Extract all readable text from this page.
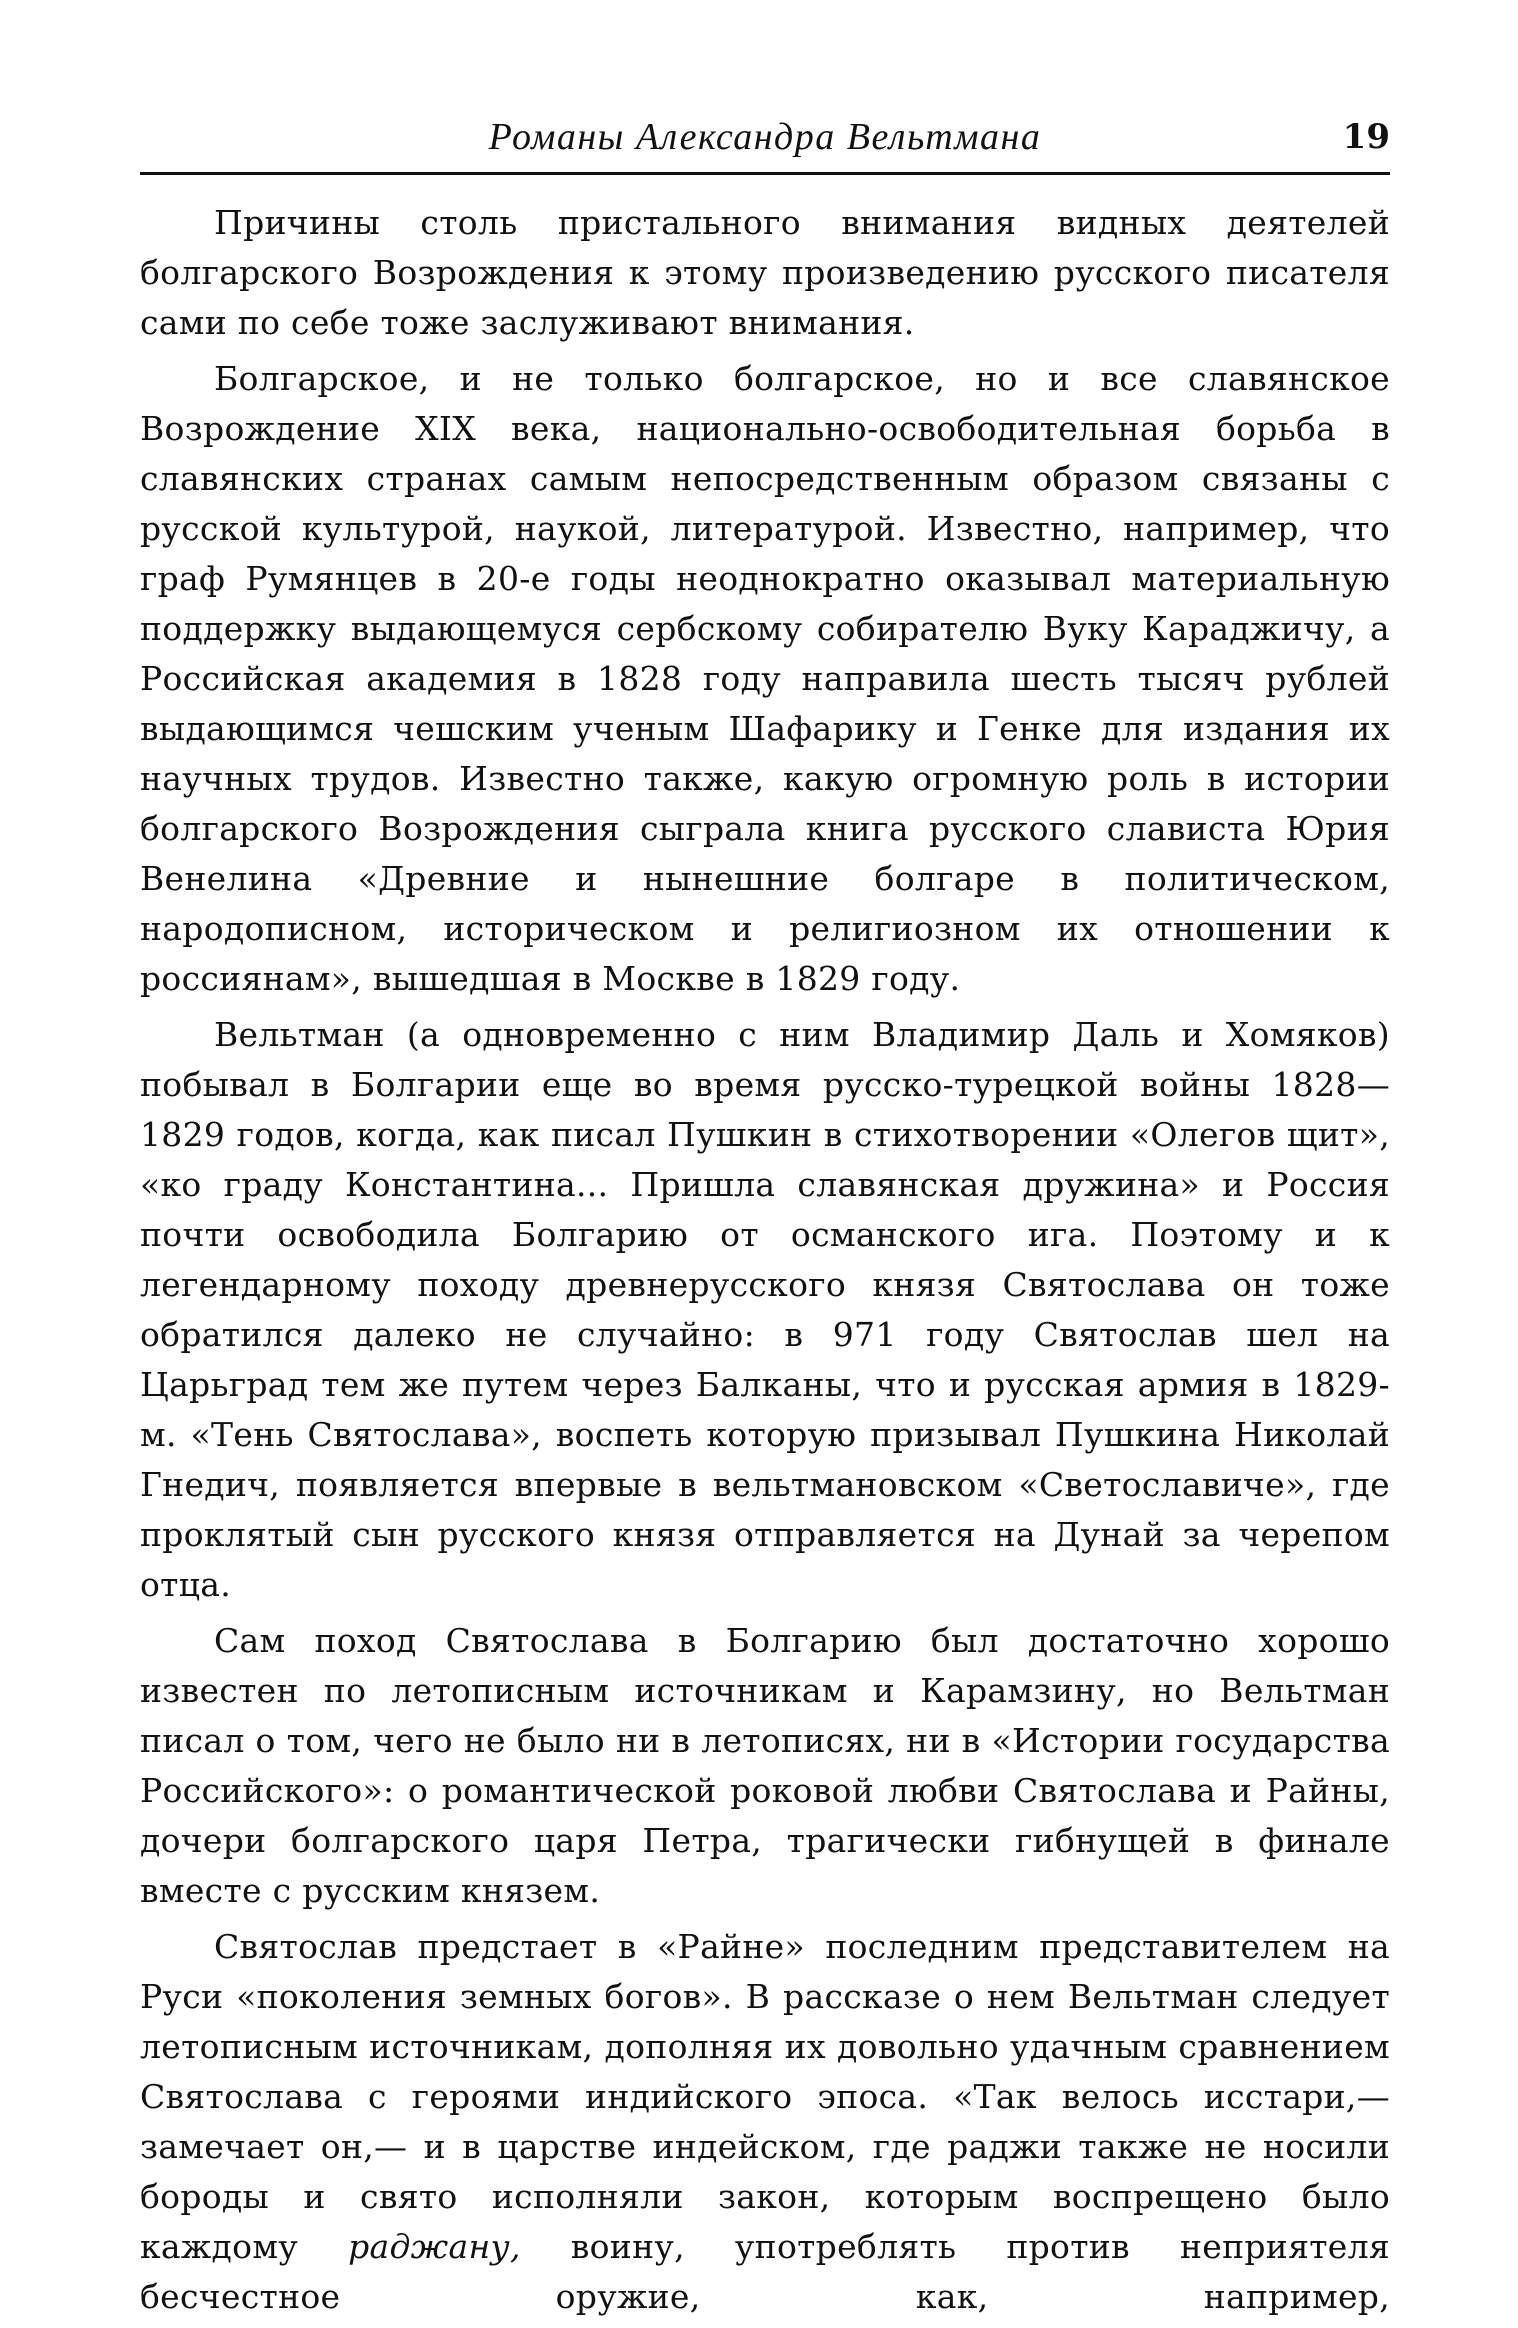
Романы Александра Вельтмана	19

Причины столь пристального внимания видных деятелей болгарского Возрождения к этому произведению русского писателя сами по себе тоже заслуживают внимания.

Болгарское, и не только болгарское, но и все славянское Возрождение XIX века, национально-освободительная борьба в славянских странах самым непосредственным образом связаны с русской культурой, наукой, литературой. Известно, например, что граф Румянцев в 20-е годы неоднократно оказывал материальную поддержку выдающемуся сербскому собирателю Вуку Караджичу, а Российская академия в 1828 году направила шесть тысяч рублей выдающимся чешским ученым Шафарику и Генке для издания их научных трудов. Известно также, какую огромную роль в истории болгарского Возрождения сыграла книга русского слависта Юрия Венелина «Древние и нынешние болгаре в политическом, народописном, историческом и религиозном их отношении к россиянам», вышедшая в Москве в 1829 году.

Вельтман (а одновременно с ним Владимир Даль и Хомяков) побывал в Болгарии еще во время русско-турецкой войны 1828—1829 годов, когда, как писал Пушкин в стихотворении «Олегов щит», «ко граду Константина... Пришла славянская дружина» и Россия почти освободила Болгарию от османского ига. Поэтому и к легендарному походу древнерусского князя Святослава он тоже обратился далеко не случайно: в 971 году Святослав шел на Царьград тем же путем через Балканы, что и русская армия в 1829-м. «Тень Святослава», воспеть которую призывал Пушкина Николай Гнедич, появляется впервые в вельтмановском «Светославиче», где проклятый сын русского князя отправляется на Дунай за черепом отца.

Сам поход Святослава в Болгарию был достаточно хорошо известен по летописным источникам и Карамзину, но Вельтман писал о том, чего не было ни в летописях, ни в «Истории государства Российского»: о романтической роковой любви Святослава и Райны, дочери болгарского царя Петра, трагически гибнущей в финале вместе с русским князем.

Святослав предстает в «Райне» последним представителем на Руси «поколения земных богов». В рассказе о нем Вельтман следует летописным источникам, дополняя их довольно удачным сравнением Святослава с героями индийского эпоса. «Так велось исстари,— замечает он,— и в царстве индейском, где раджи также не носили бороды и свято исполняли закон, которым воспрещено было каждому раджану, воину, употреблять против неприятеля бесчестное оружие, как, например,
